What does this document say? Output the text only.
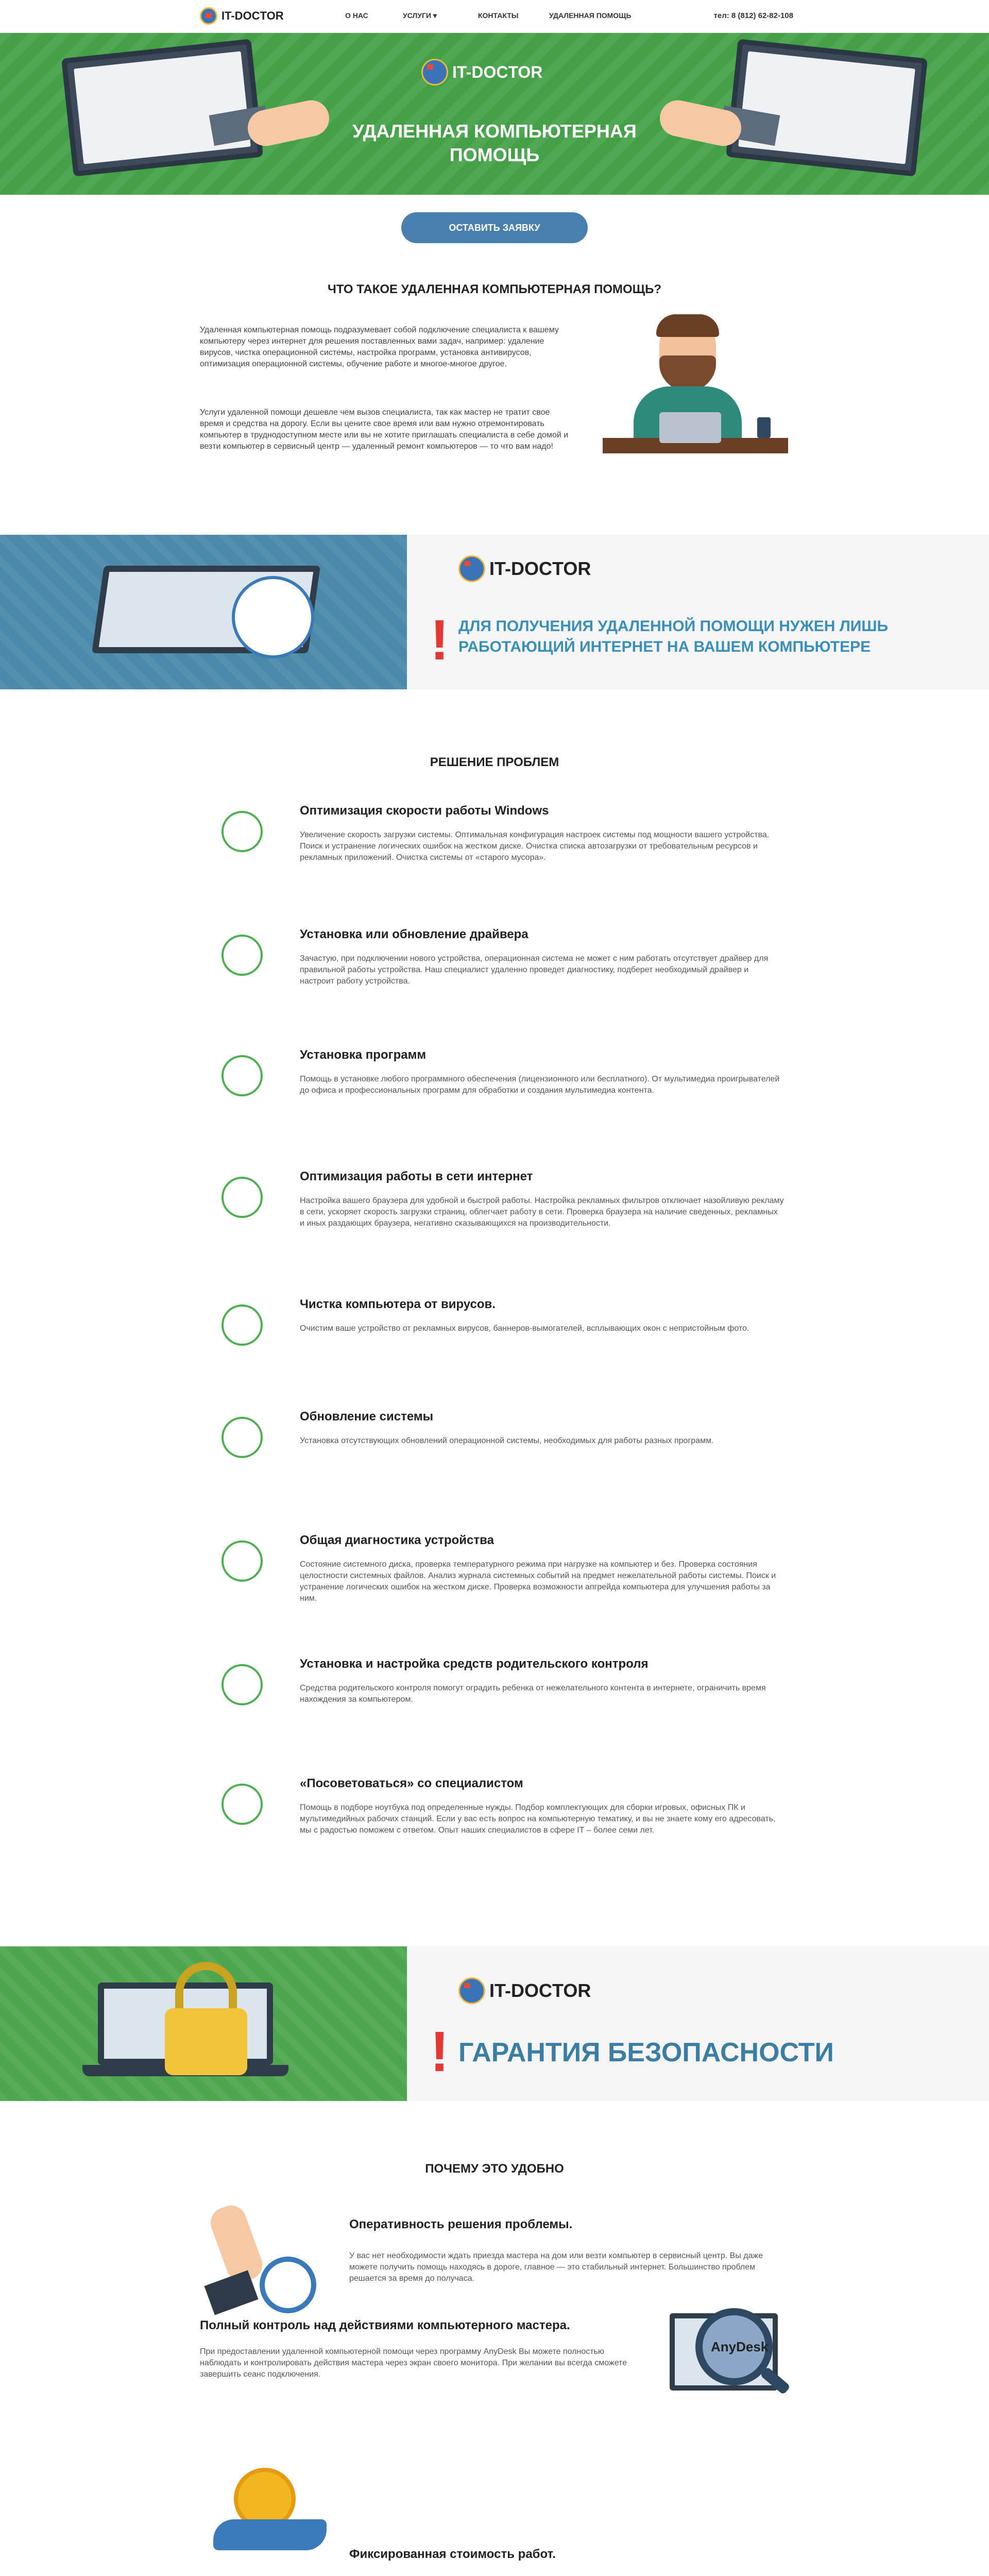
IT-DOCTOR	О НАС	УСЛУГИ ▾	КОНТАКТЫ	УДАЛЕННАЯ ПОМОЩЬ	тел: 8 (812) 62-82-108
IT-DOCTOR
УДАЛЕННАЯ КОМПЬЮТЕРНАЯ
ПОМОЩЬ
ОСТАВИТЬ ЗАЯВКУ
ЧТО ТАКОЕ УДАЛЕННАЯ КОМПЬЮТЕРНАЯ ПОМОЩЬ?

Удаленная компьютерная помощь подразумевает собой подключение специалиста к вашему компьютеру через интернет для решения поставленных вами задач, например: удаление вирусов, чистка операционной системы, настройка программ, установка антивирусов, оптимизация операционной системы, обучение работе и многое-многое другое.

Услуги удаленной помощи дешевле чем вызов специалиста, так как мастер не тратит свое время и средства на дорогу. Если вы цените свое время или вам нужно отремонтировать компьютер в труднодоступном месте или вы не хотите приглашать специалиста в себе домой и везти компьютер в сервисный центр — удаленный ремонт компьютеров — то что вам надо!

IT-DOCTOR
! ДЛЯ ПОЛУЧЕНИЯ УДАЛЕННОЙ ПОМОЩИ НУЖЕН ЛИШЬ
РАБОТАЮЩИЙ ИНТЕРНЕТ НА ВАШЕМ КОМПЬЮТЕРЕ
РЕШЕНИЕ ПРОБЛЕМ
Оптимизация скорости работы Windows
Увеличение скорость загрузки системы. Оптимальная конфигурация настроек системы под мощности вашего устройства. Поиск и устранение логических ошибок на жестком диске. Очистка списка автозагрузки от требовательным ресурсов и рекламных приложений. Очистка системы от «старого мусора».
Установка или обновление драйвера
Зачастую, при подключении нового устройства, операционная система не может с ним работать отсутствует драйвер для правильной работы устройства. Наш специалист удаленно проведет диагностику, подберет необходимый драйвер и настроит работу устройства.
Установка программ
Помощь в установке любого программного обеспечения (лицензионного или бесплатного). От мультимедиа проигрывателей до офиса и профессиональных программ для обработки и создания мультимедиа контента.
Оптимизация работы в сети интернет
Настройка вашего браузера для удобной и быстрой работы. Настройка рекламных фильтров отключает назойливую рекламу в сети, ускоряет скорость загрузки страниц, облегчает работу в сети. Проверка браузера на наличие сведенных, рекламных и иных раздающих браузера, негативно сказывающихся на производительности.
Чистка компьютера от вирусов.
Очистим ваше устройство от рекламных вирусов, баннеров-вымогателей, всплывающих окон с непристойным фото.
Обновление системы
Установка отсутствующих обновлений операционной системы, необходимых для работы разных программ.
Общая диагностика устройства
Состояние системного диска, проверка температурного режима при нагрузке на компьютер и без. Проверка состояния целостности системных файлов. Анализ журнала системных событий на предмет нежелательной работы системы. Поиск и устранение логических ошибок на жестком диске. Проверка возможности апгрейда компьютера для улучшения работы за ним.
Установка и настройка средств родительского контроля
Средства родительского контроля помогут оградить ребенка от нежелательного контента в интернете, ограничить время нахождения за компьютером.
«Посоветоваться» со специалистом
Помощь в подборе ноутбука под определенные нужды. Подбор комплектующих для сборки игровых, офисных ПК и мультимедийных рабочих станций. Если у вас есть вопрос на компьютерную тематику, и вы не знаете кому его адресовать, мы с радостью поможем с ответом. Опыт наших специалистов в сфере IT – более семи лет.
IT-DOCTOR
! ГАРАНТИЯ БЕЗОПАСНОСТИ
ПОЧЕМУ ЭТО УДОБНО
Оперативность решения проблемы.
У вас нет необходимости ждать приезда мастера на дом или везти компьютер в сервисный центр. Вы даже можете получить помощь находясь в дороге, главное — это стабильный интернет. Большинство проблем решается за время до получаса.
Полный контроль над действиями компьютерного мастера.
При предоставлении удаленной компьютерной помощи через программу AnyDesk Вы можете полностью наблюдать и контролировать действия мастера через экран своего монитора. При желании вы всегда сможете завершить сеанс подключения.
AnyDesk
Фиксированная стоимость работ.
